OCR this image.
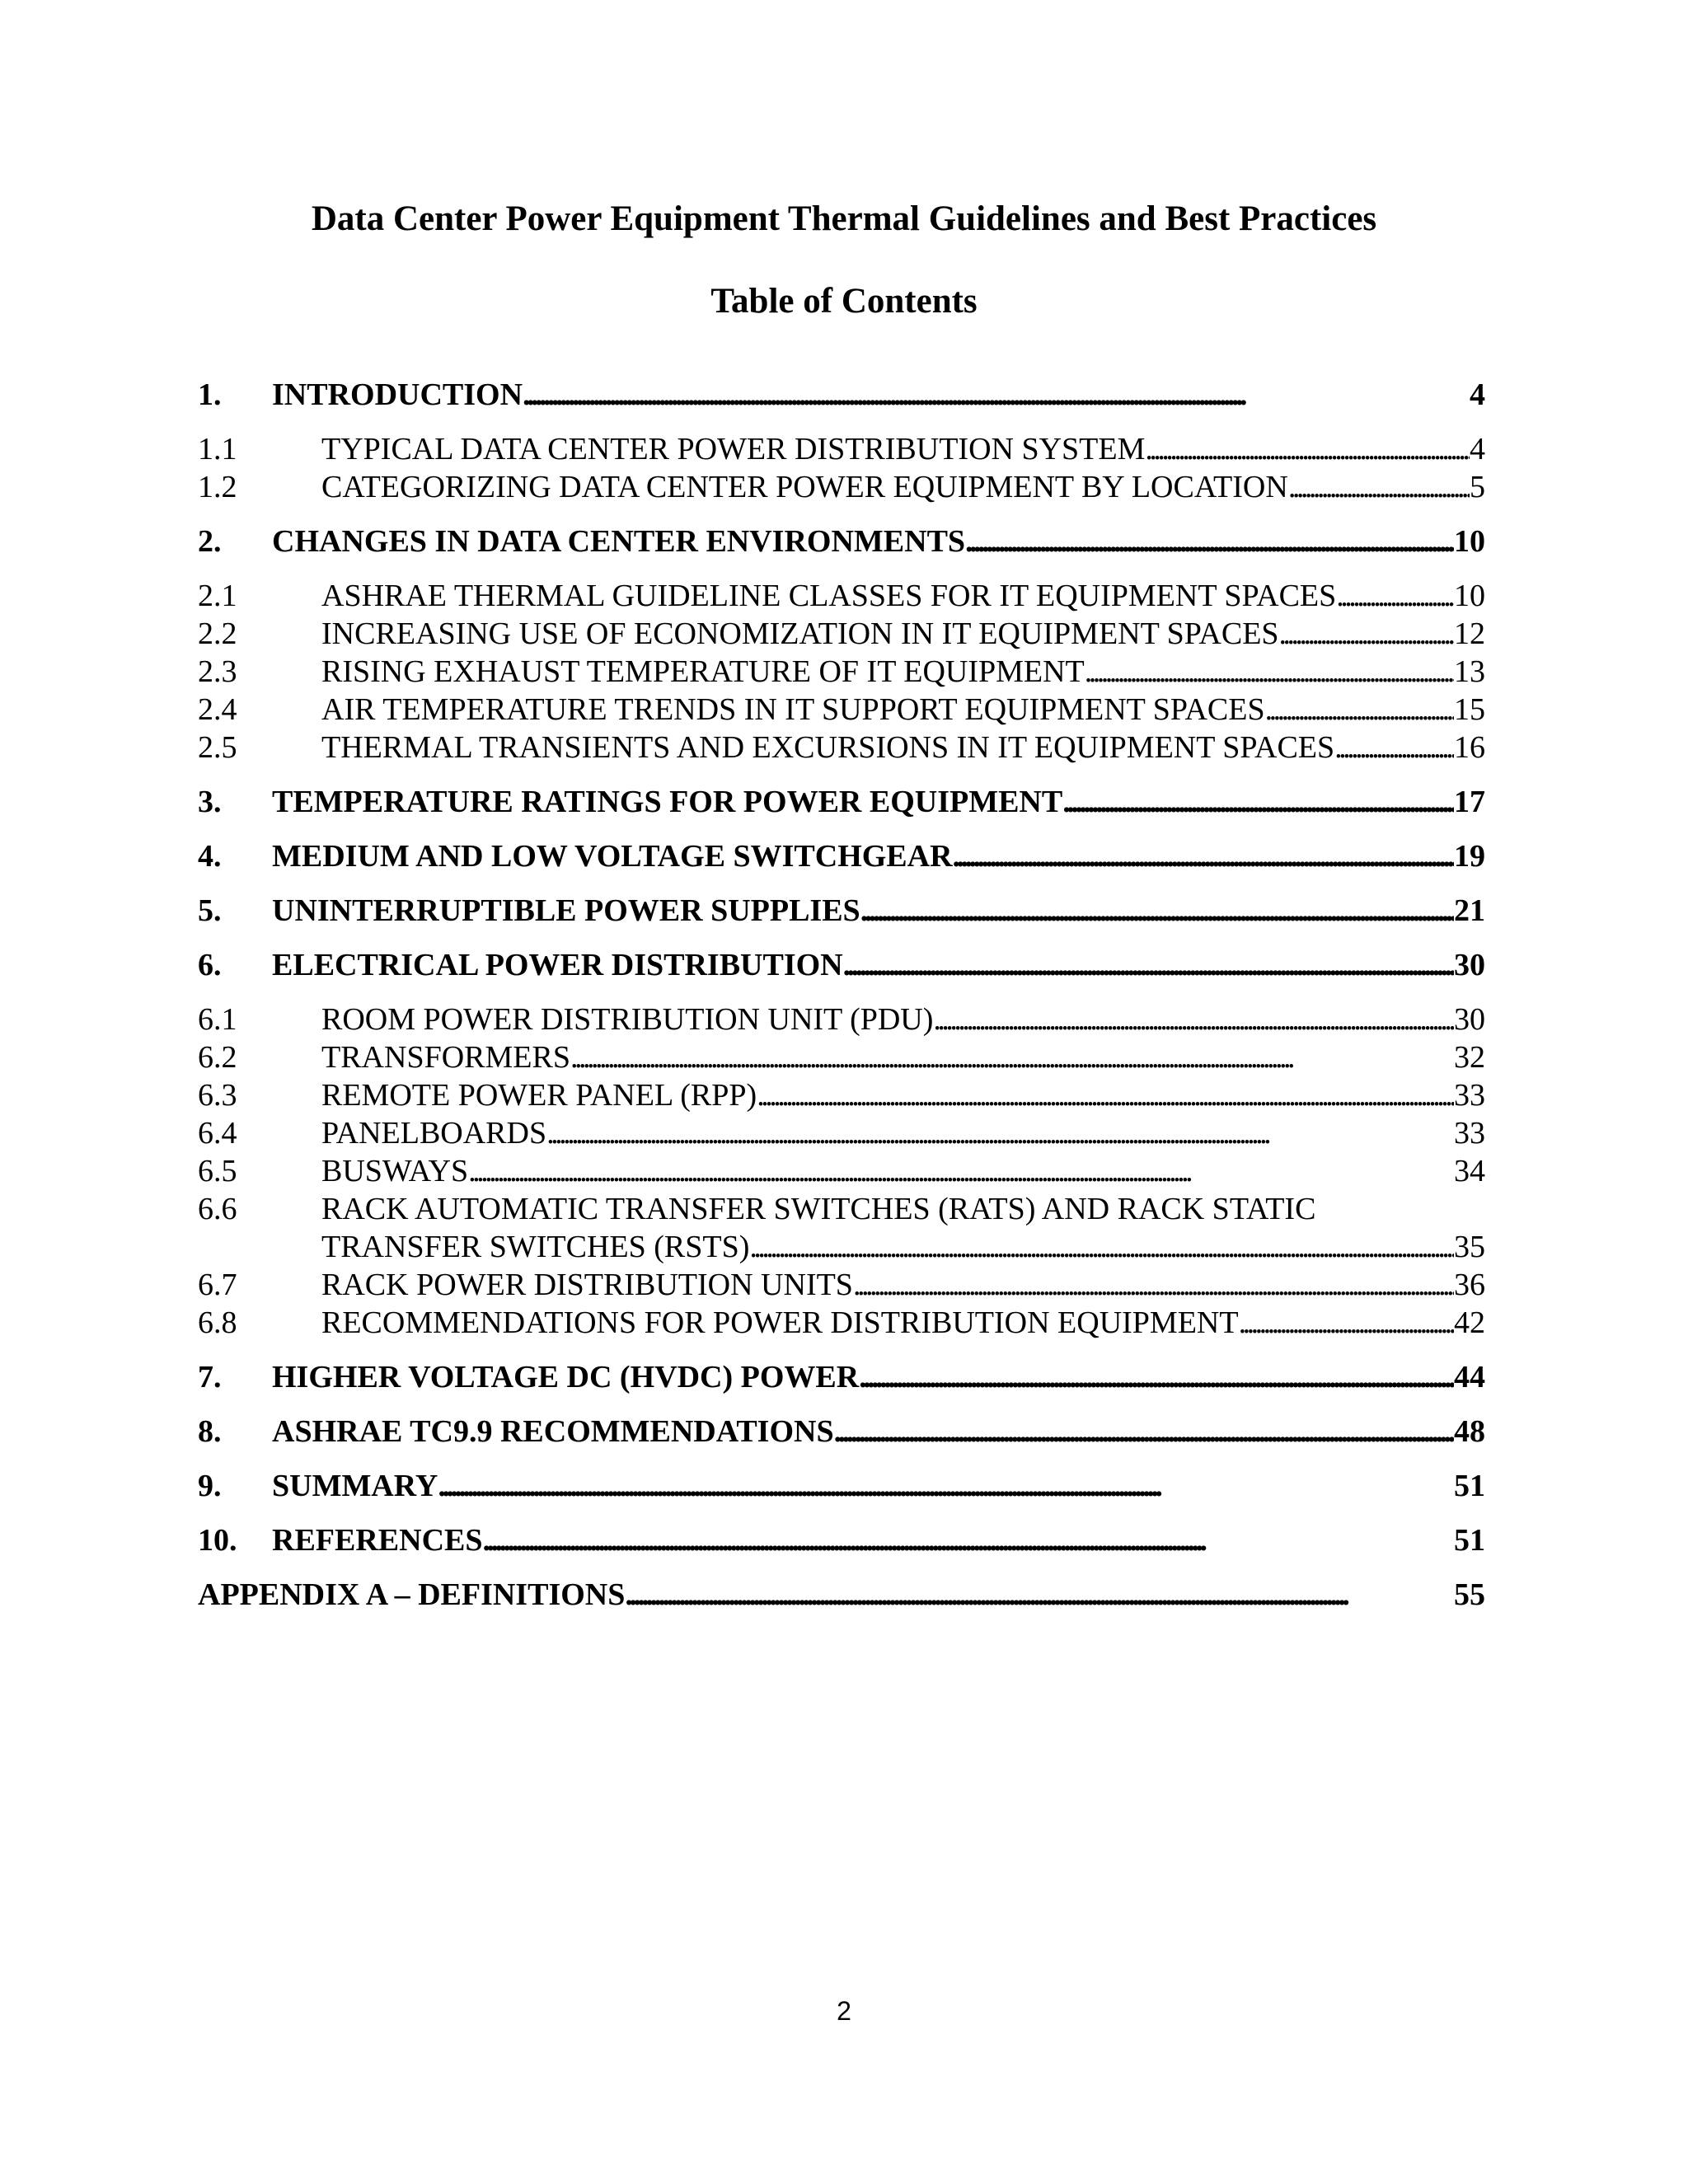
Data Center Power Equipment Thermal Guidelines and Best Practices
Table of Contents
1.	INTRODUCTION . . .	4
1.1	TYPICAL DATA CENTER POWER DISTRIBUTION SYSTEM . . .	4
1.2	CATEGORIZING DATA CENTER POWER EQUIPMENT BY LOCATION . . .	5
2.	CHANGES IN DATA CENTER ENVIRONMENTS . . .	10
2.1	ASHRAE THERMAL GUIDELINE CLASSES FOR IT EQUIPMENT SPACES . . .	10
2.2	INCREASING USE OF ECONOMIZATION IN IT EQUIPMENT SPACES . . .	12
2.3	RISING EXHAUST TEMPERATURE OF IT EQUIPMENT . . .	13
2.4	AIR TEMPERATURE TRENDS IN IT SUPPORT EQUIPMENT SPACES . . .	15
2.5	THERMAL TRANSIENTS AND EXCURSIONS IN IT EQUIPMENT SPACES . . .	16
3.	TEMPERATURE RATINGS FOR POWER EQUIPMENT . . .	17
4.	MEDIUM AND LOW VOLTAGE SWITCHGEAR . . .	19
5.	UNINTERRUPTIBLE POWER SUPPLIES . . .	21
6.	ELECTRICAL POWER DISTRIBUTION . . .	30
6.1	ROOM POWER DISTRIBUTION UNIT (PDU) . . .	30
6.2	TRANSFORMERS . . .	32
6.3	REMOTE POWER PANEL (RPP) . . .	33
6.4	PANELBOARDS . . .	33
6.5	BUSWAYS . . .	34
6.6	RACK AUTOMATIC TRANSFER SWITCHES (RATS) AND RACK STATIC
TRANSFER SWITCHES (RSTS) . . .	35
6.7	RACK POWER DISTRIBUTION UNITS . . .	36
6.8	RECOMMENDATIONS FOR POWER DISTRIBUTION EQUIPMENT . . .	42
7.	HIGHER VOLTAGE DC (HVDC) POWER . . .	44
8.	ASHRAE TC9.9 RECOMMENDATIONS . . .	48
9.	SUMMARY . . .	51
10.	REFERENCES . . .	51
APPENDIX A – DEFINITIONS . . .	55
2
